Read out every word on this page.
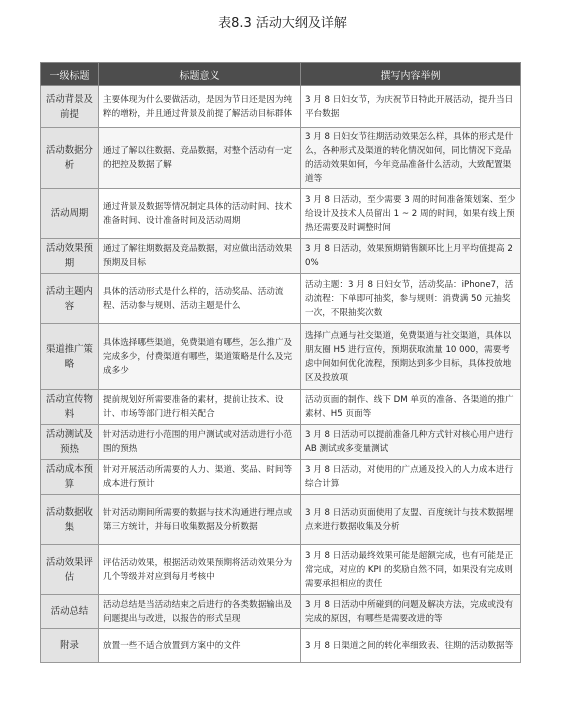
表8.3 活动大纲及详解
一级标题	标题意义	撰写内容举例
活动背景及前提	主要体现为什么要做活动，是因为节日还是因为纯粹的增粉，并且通过背景及前提了解活动目标群体	3 月 8 日妇女节，为庆祝节日特此开展活动，提升当日平台数据
活动数据分析	通过了解以往数据、竞品数据，对整个活动有一定的把控及数据了解	3 月 8 日妇女节往期活动效果怎么样，具体的形式是什么，各种形式及渠道的转化情况如何，同比情况下竞品的活动效果如何，今年竞品准备什么活动，大致配置渠道等
活动周期	通过背景及数据等情况制定具体的活动时间、技术准备时间、设计准备时间及活动周期	3 月 8 日活动，至少需要 3 周的时间准备策划案、至少给设计及技术人员留出 1 ~ 2 周的时间，如果有线上预热还需要及时调整时间
活动效果预期	通过了解往期数据及竞品数据，对应做出活动效果预期及目标	3 月 8 日活动，效果预期销售额环比上月平均值提高 20%
活动主题内容	具体的活动形式是什么样的，活动奖品、活动流程、活动参与规则、活动主题是什么	活动主题：3 月 8 日妇女节，活动奖品：iPhone7，活动流程：下单即可抽奖，参与规则：消费满 50 元抽奖一次，不限抽奖次数
渠道推广策略	具体选择哪些渠道，免费渠道有哪些，怎么推广及完成多少，付费渠道有哪些，渠道策略是什么及完成多少	选择广点通与社交渠道，免费渠道与社交渠道，具体以朋友圈 H5 进行宣传，预期获取流量 10 000，需要考虑中间如何优化流程，预期达到多少目标，具体投放地区及投放项
活动宣传物料	提前规划好所需要准备的素材，提前让技术、设计、市场等部门进行相关配合	活动页面的制作、线下 DM 单页的准备、各渠道的推广素材、H5 页面等
活动测试及预热	针对活动进行小范围的用户测试或对活动进行小范围的预热	3 月 8 日活动可以提前准备几种方式针对核心用户进行 AB 测试或多变量测试
活动成本预算	针对开展活动所需要的人力、渠道、奖品、时间等成本进行预计	3 月 8 日活动，对使用的广点通及投入的人力成本进行综合计算
活动数据收集	针对活动期间所需要的数据与技术沟通进行埋点或第三方统计，并每日收集数据及分析数据	3 月 8 日活动页面使用了友盟、百度统计与技术数据埋点来进行数据收集及分析
活动效果评估	评估活动效果，根据活动效果预期将活动效果分为几个等级并对应到每月考核中	3 月 8 日活动最终效果可能是超额完成，也有可能是正常完成，对应的 KPI 的奖励自然不同，如果没有完成则需要承担相应的责任
活动总结	活动总结是当活动结束之后进行的各类数据输出及问题提出与改进，以报告的形式呈现	3 月 8 日活动中所碰到的问题及解决方法，完成或没有完成的原因，有哪些是需要改进的等
附录	放置一些不适合放置到方案中的文件	3 月 8 日渠道之间的转化率细致表、往期的活动数据等
